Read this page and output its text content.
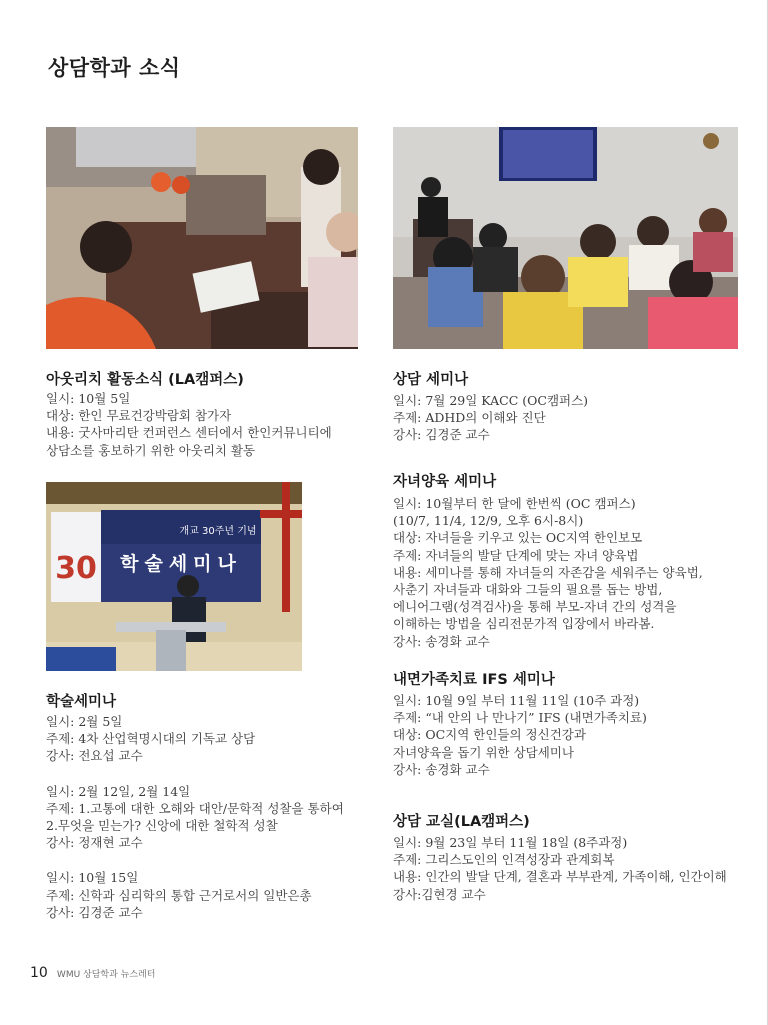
상담학과 소식
개교 30주년 기념
학술세미나
30
아웃리치 활동소식 (LA캠퍼스)
일시: 10월 5일
대상: 한인 무료건강박람회 참가자
내용: 굿사마리탄 컨퍼런스 센터에서 한인커뮤니티에
상담소를 홍보하기 위한 아웃리치 활동
학술세미나
일시: 2월 5일
주제: 4차 산업혁명시대의 기독교 상담
강사: 전요섭 교수
일시: 2월 12일, 2월 14일
주제: 1.고통에 대한 오해와 대안/문학적 성찰을 통하여
2.무엇을 믿는가? 신앙에 대한 철학적 성찰
강사: 정재현 교수
일시: 10월 15일
주제: 신학과 심리학의 통합 근거로서의 일반은총
강사: 김경준 교수
상담 세미나
일시: 7월 29일 KACC (OC캠퍼스)
주제: ADHD의 이해와 진단
강사: 김경준 교수
자녀양육 세미나
일시: 10월부터 한 달에 한번씩 (OC 캠퍼스)
(10/7, 11/4, 12/9, 오후 6시-8시)
대상: 자녀들을 키우고 있는 OC지역 한인보모
주제: 자녀들의 발달 단계에 맞는 자녀 양육법
내용: 세미나를 통해 자녀들의 자존감을 세워주는 양육법,
사춘기 자녀들과 대화와 그들의 필요를 돕는 방법,
에니어그램(성격검사)을 통해 부모-자녀 간의 성격을
이해하는 방법을 심리전문가적 입장에서 바라봄.
강사: 송경화 교수
내면가족치료 IFS 세미나
일시: 10월 9일 부터 11월 11일 (10주 과정)
주제: “내 안의 나 만나기” IFS (내면가족치료)
대상: OC지역 한인들의 정신건강과
자녀양육을 돕기 위한 상담세미나
강사: 송경화 교수
상담 교실(LA캠퍼스)
일시: 9월 23일 부터 11월 18일 (8주과정)
주제: 그리스도인의 인격성장과 관계회복
내용: 인간의 발달 단계, 결혼과 부부관계, 가족이해, 인간이해
강사:김현경 교수
10 WMU 상담학과 뉴스레터
